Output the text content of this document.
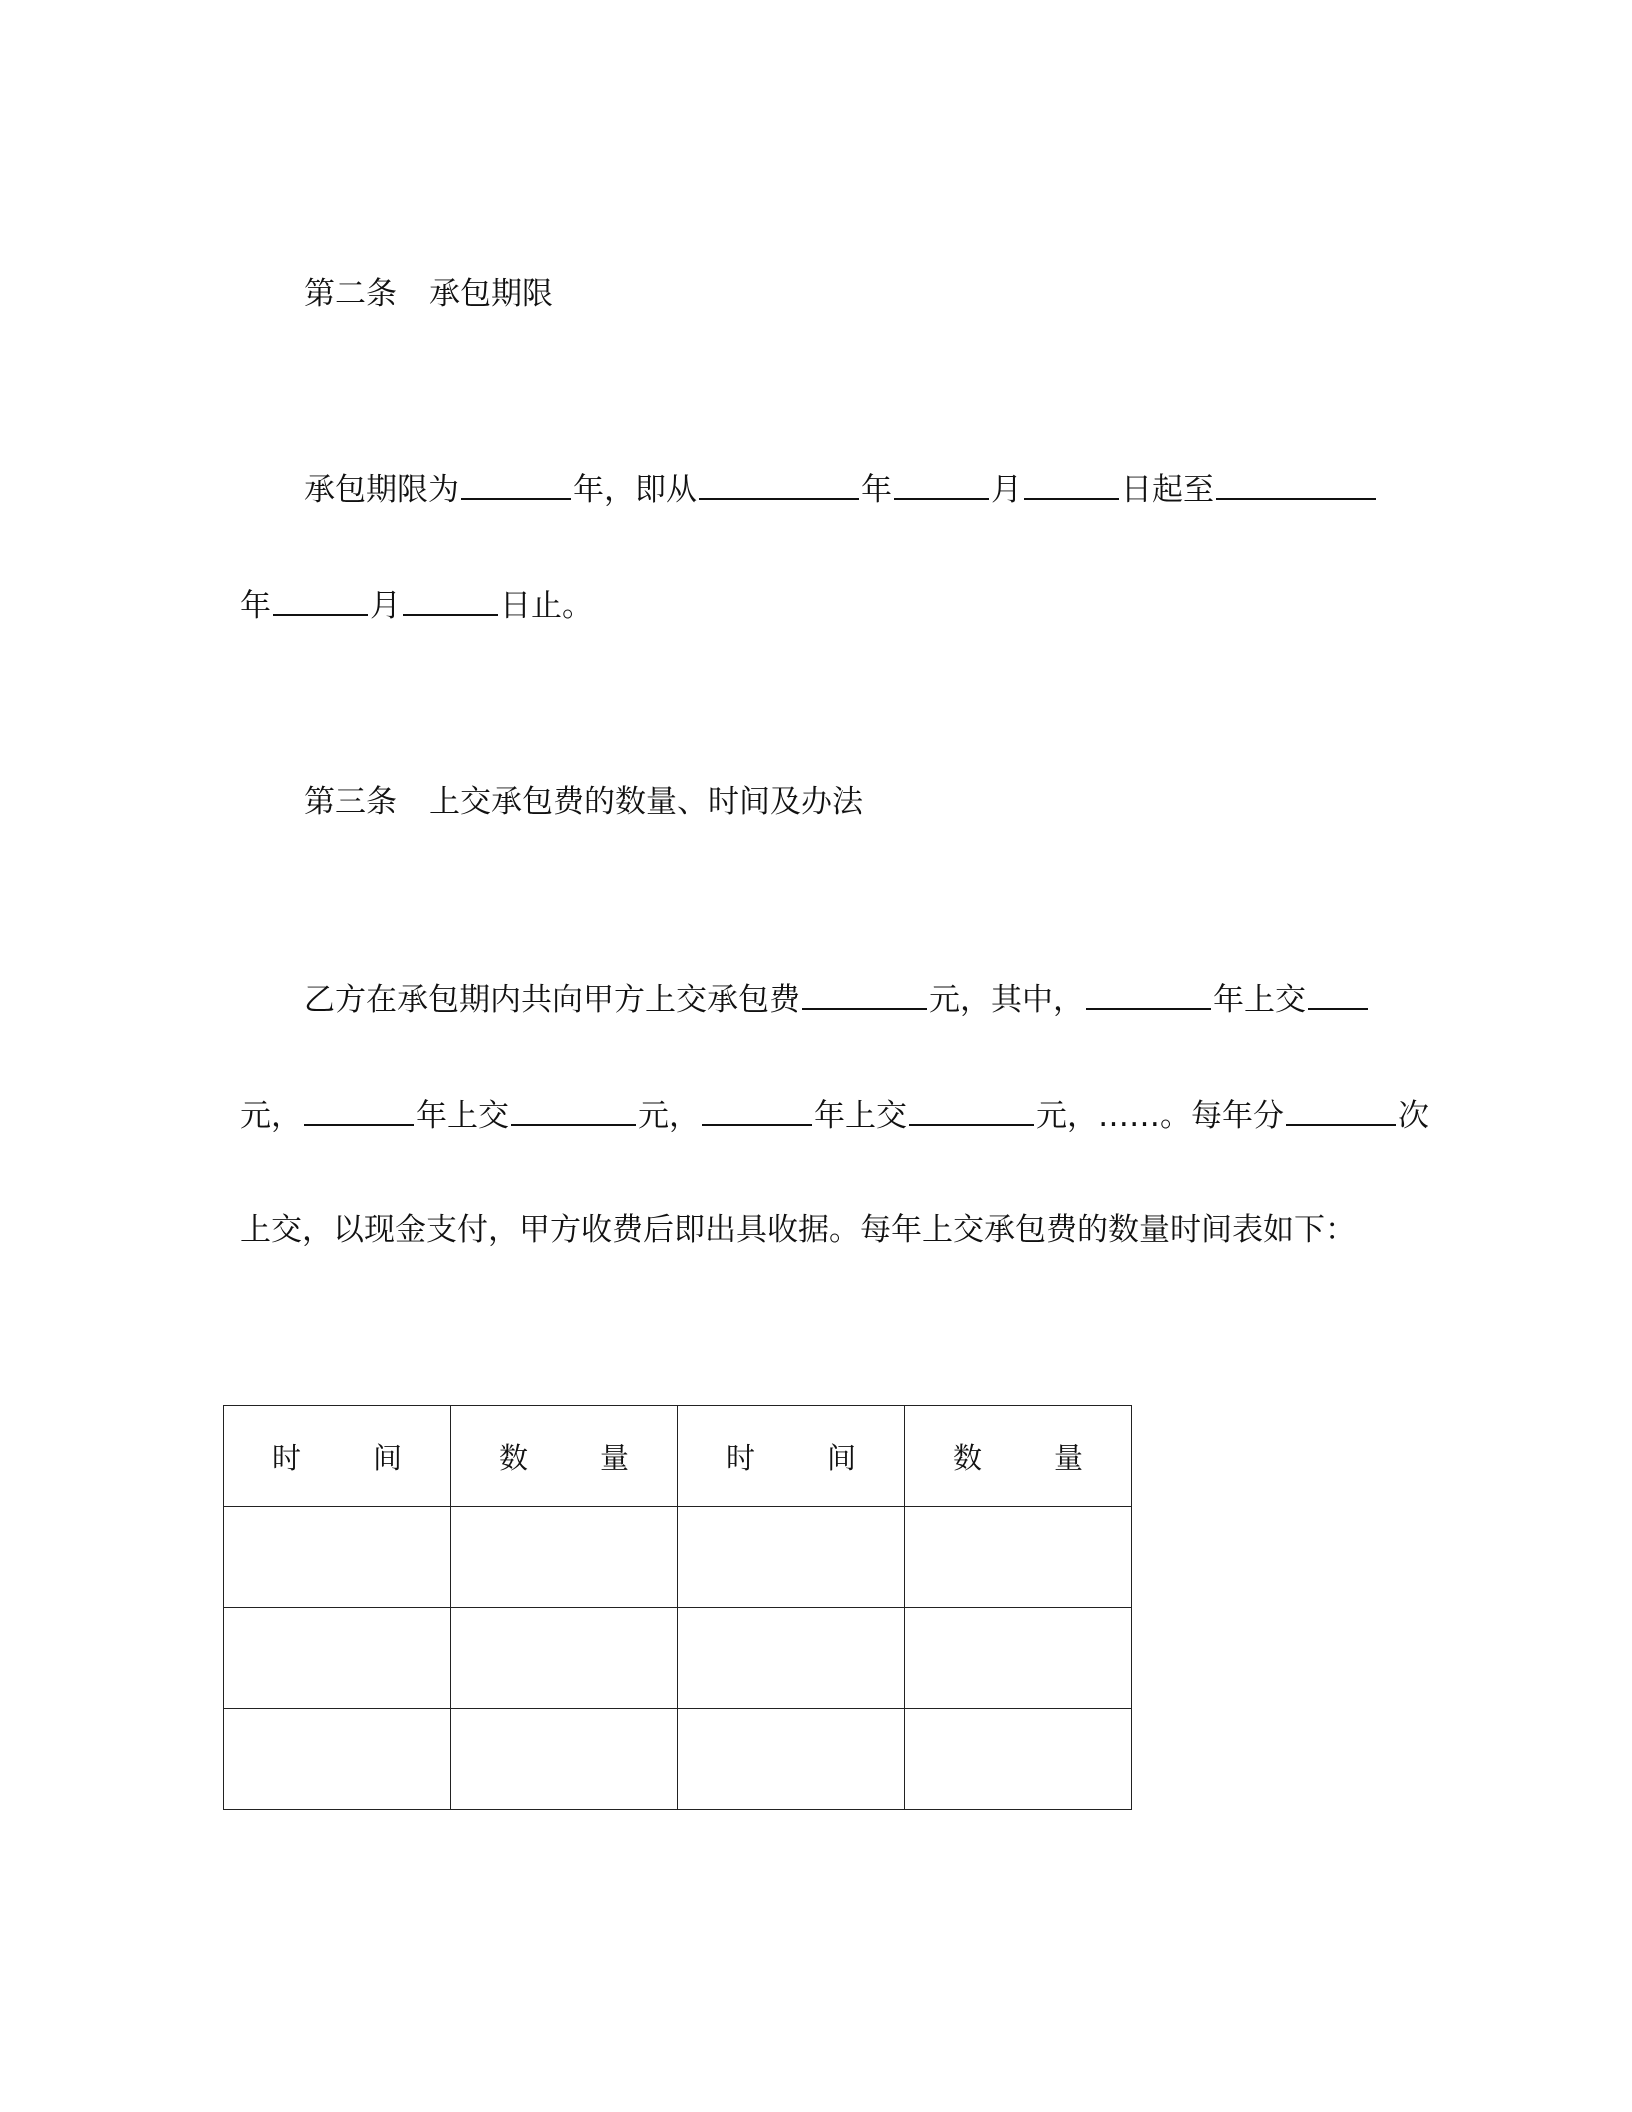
第二条 承包期限
承包期限为	年，即从	年	月	日起至
年	月	日止。
第三条 上交承包费的数量、时间及办法
乙方在承包期内共向甲方上交承包费	元，其中，	年上交
元，	年上交	元，	年上交	元，……。每年分	次
上交，以现金支付，甲方收费后即出具收据。每年上交承包费的数量时间表如下：
时 间	数 量	时 间	数 量
